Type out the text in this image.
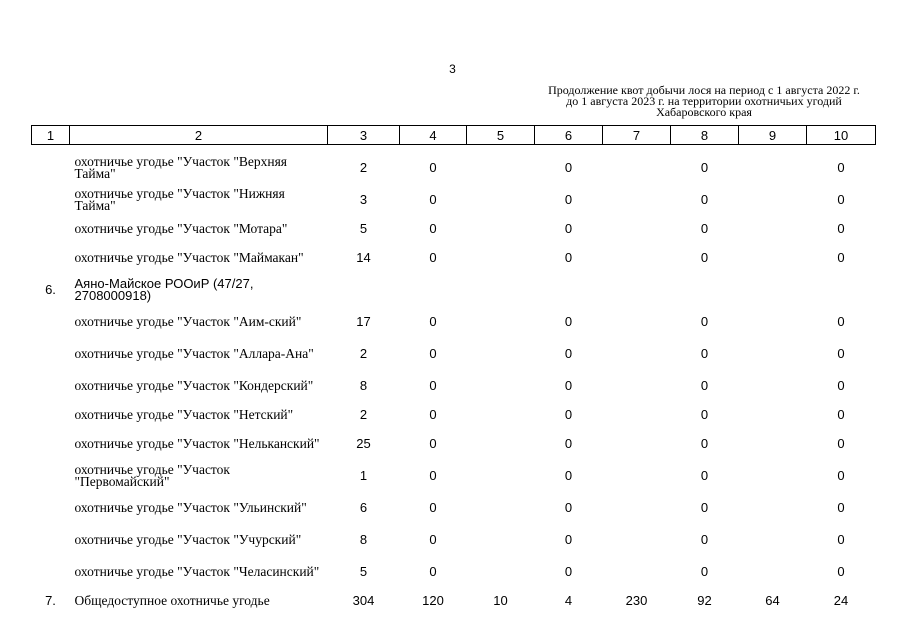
3
Продолжение квот добычи лося на период с 1 августа 2022 г. до 1 августа 2023 г. на территории охотничьих угодий Хабаровского края
1	2	3	4	5	6	7	8	9	10

	охотничье угодье "Участок "Верхняя Тайма"	2	0		0		0		0
	охотничье угодье "Участок "Нижняя Тайма"	3	0		0		0		0
	охотничье угодье "Участок "Мотара"	5	0		0		0		0
	охотничье угодье "Участок "Маймакан"	14	0		0		0		0
6.	Аяно-Майское РООиР (47/27, 2708000918)								
	охотничье угодье "Участок "Аим-ский"	17	0		0		0		0
	охотничье угодье "Участок "Аллара-Ана"	2	0		0		0		0
	охотничье угодье "Участок "Кондерский"	8	0		0		0		0
	охотничье угодье "Участок "Нетский"	2	0		0		0		0
	охотничье угодье "Участок "Нельканский"	25	0		0		0		0
	охотничье угодье "Участок "Первомайский"	1	0		0		0		0
	охотничье угодье "Участок "Ульинский"	6	0		0		0		0
	охотничье угодье "Участок "Учурский"	8	0		0		0		0
	охотничье угодье "Участок "Челасинский"	5	0		0		0		0
7.	Общедоступное охотничье угодье	304	120	10	4	230	92	64	24
